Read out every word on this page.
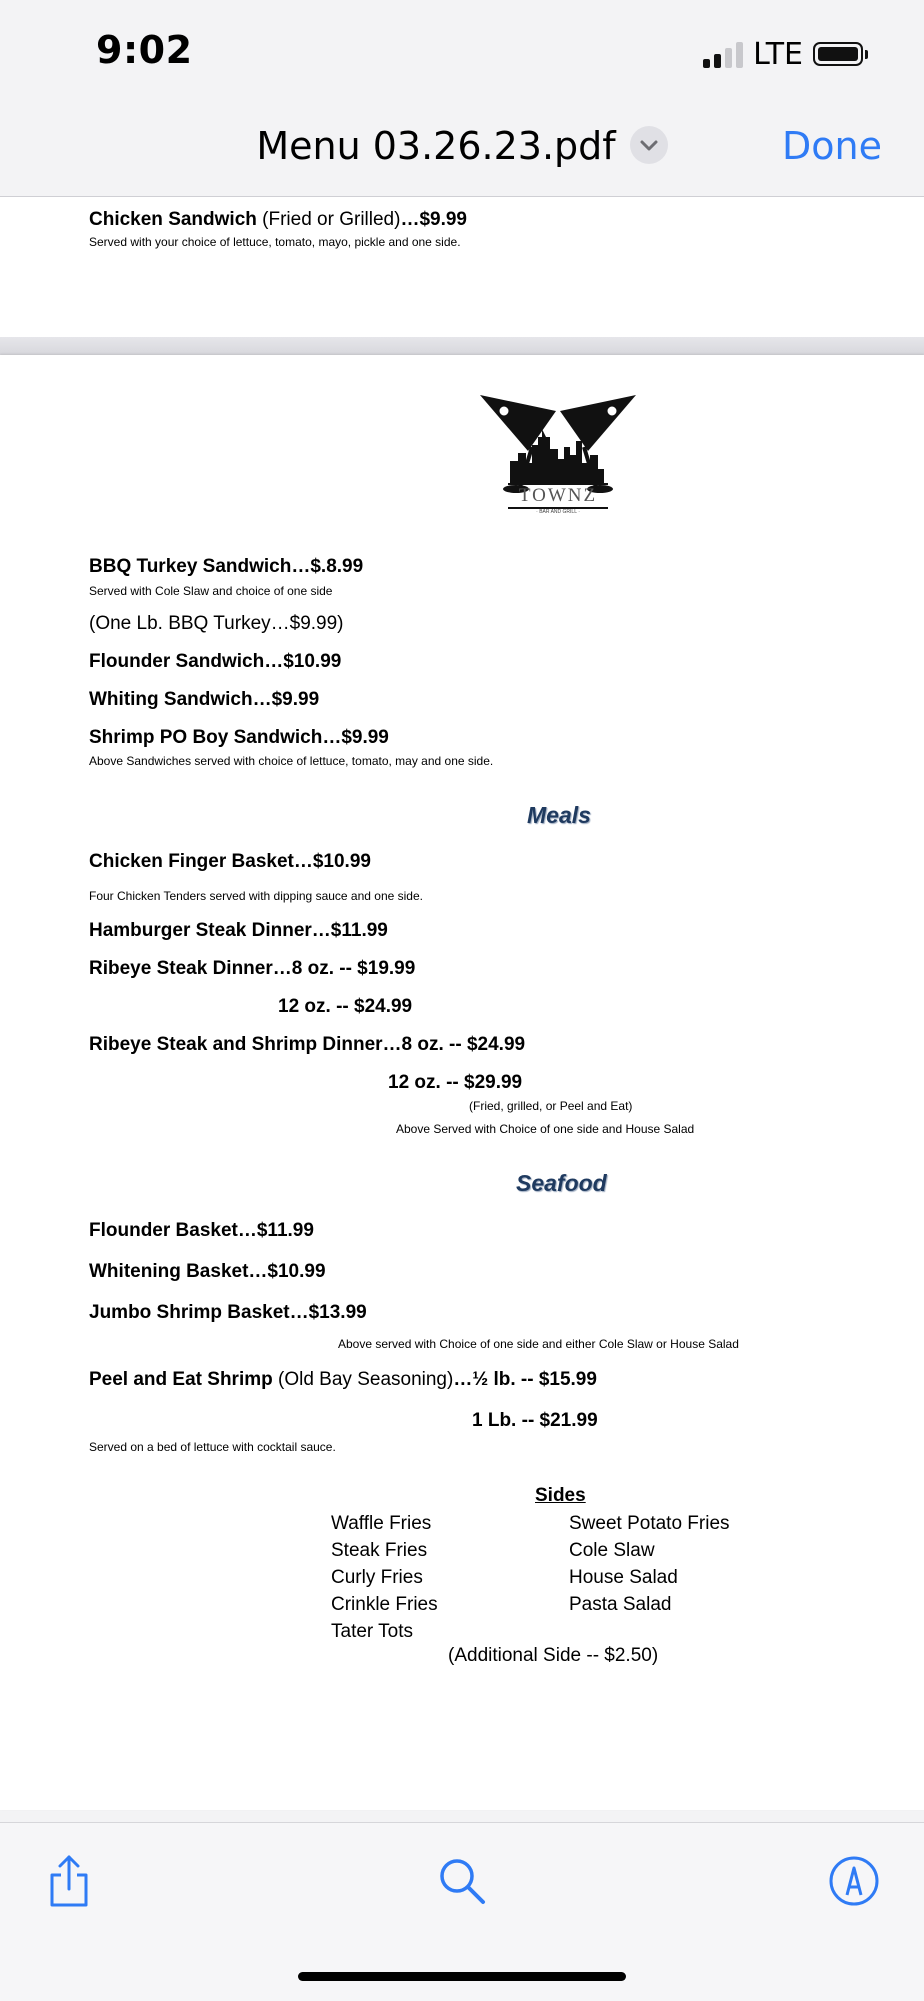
9:02	LTE
Menu 03.26.23.pdf	Done
Chicken Sandwich (Fried or Grilled)…$9.99
Served with your choice of lettuce, tomato, mayo, pickle and one side.
TOWNZ
· BAR AND GRILL ·
BBQ Turkey Sandwich…$.8.99
Served with Cole Slaw and choice of one side
(One Lb. BBQ Turkey…$9.99)
Flounder Sandwich…$10.99
Whiting Sandwich…$9.99
Shrimp PO Boy Sandwich…$9.99
Above Sandwiches served with choice of lettuce, tomato, may and one side.
Meals
Chicken Finger Basket…$10.99
Four Chicken Tenders served with dipping sauce and one side.
Hamburger Steak Dinner…$11.99
Ribeye Steak Dinner…8 oz. -- $19.99
12 oz. -- $24.99
Ribeye Steak and Shrimp Dinner…8 oz. -- $24.99
12 oz. -- $29.99
(Fried, grilled, or Peel and Eat)
Above Served with Choice of one side and House Salad
Seafood
Flounder Basket…$11.99
Whitening Basket…$10.99
Jumbo Shrimp Basket…$13.99
Above served with Choice of one side and either Cole Slaw or House Salad
Peel and Eat Shrimp (Old Bay Seasoning)…½ lb. -- $15.99
1 Lb. -- $21.99
Served on a bed of lettuce with cocktail sauce.
Sides
Waffle Fries
Steak Fries
Curly Fries
Crinkle Fries
Tater Tots
Sweet Potato Fries
Cole Slaw
House Salad
Pasta Salad
(Additional Side -- $2.50)
